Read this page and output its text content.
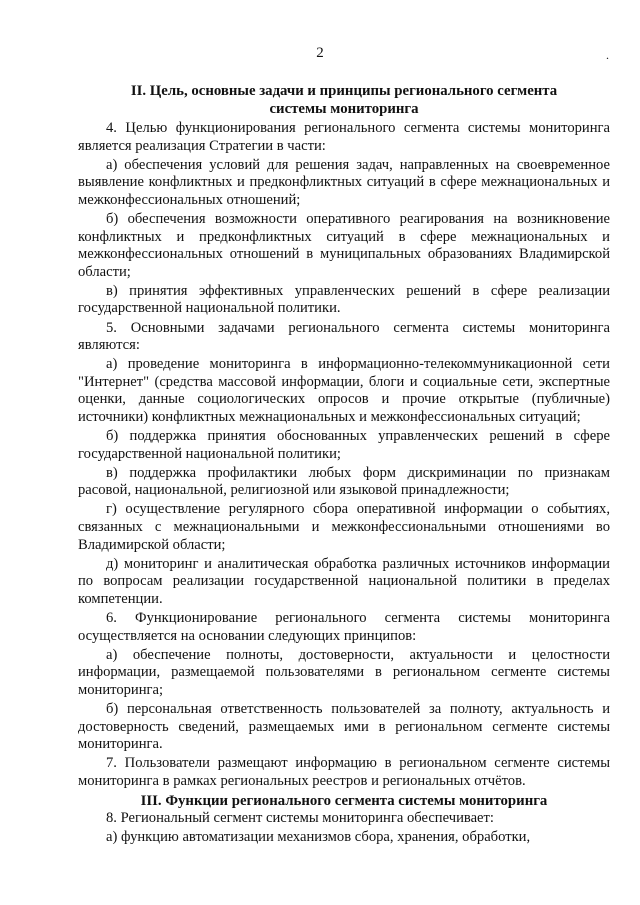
2	.
II. Цель, основные задачи и принципы регионального сегмента
системы мониторинга

4. Целью функционирования регионального сегмента системы мониторинга является реализация Стратегии в части:

а) обеспечения условий для решения задач, направленных на своевременное выявление конфликтных и предконфликтных ситуаций в сфере межнациональных и межконфессиональных отношений;

б) обеспечения возможности оперативного реагирования на возникновение конфликтных и предконфликтных ситуаций в сфере межнациональных и межконфессиональных отношений в муниципальных образованиях Владимирской области;

в) принятия эффективных управленческих решений в сфере реализации государственной национальной политики.

5. Основными задачами регионального сегмента системы мониторинга являются:

а) проведение мониторинга в информационно-телекоммуникационной сети "Интернет" (средства массовой информации, блоги и социальные сети, экспертные оценки, данные социологических опросов и прочие открытые (публичные) источники) конфликтных межнациональных и межконфессиональных ситуаций;

б) поддержка принятия обоснованных управленческих решений в сфере государственной национальной политики;

в) поддержка профилактики любых форм дискриминации по признакам расовой, национальной, религиозной или языковой принадлежности;

г) осуществление регулярного сбора оперативной информации о событиях, связанных с межнациональными и межконфессиональными отношениями во Владимирской области;

д) мониторинг и аналитическая обработка различных источников информации по вопросам реализации государственной национальной политики в пределах компетенции.

6. Функционирование регионального сегмента системы мониторинга осуществляется на основании следующих принципов:

а) обеспечение полноты, достоверности, актуальности и целостности информации, размещаемой пользователями в региональном сегменте системы мониторинга;

б) персональная ответственность пользователей за полноту, актуальность и достоверность сведений, размещаемых ими в региональном сегменте системы мониторинга.

7. Пользователи размещают информацию в региональном сегменте системы мониторинга в рамках региональных реестров и региональных отчётов.

III. Функции регионального сегмента системы мониторинга

8. Региональный сегмент системы мониторинга обеспечивает:

а) функцию автоматизации механизмов сбора, хранения, обработки,
